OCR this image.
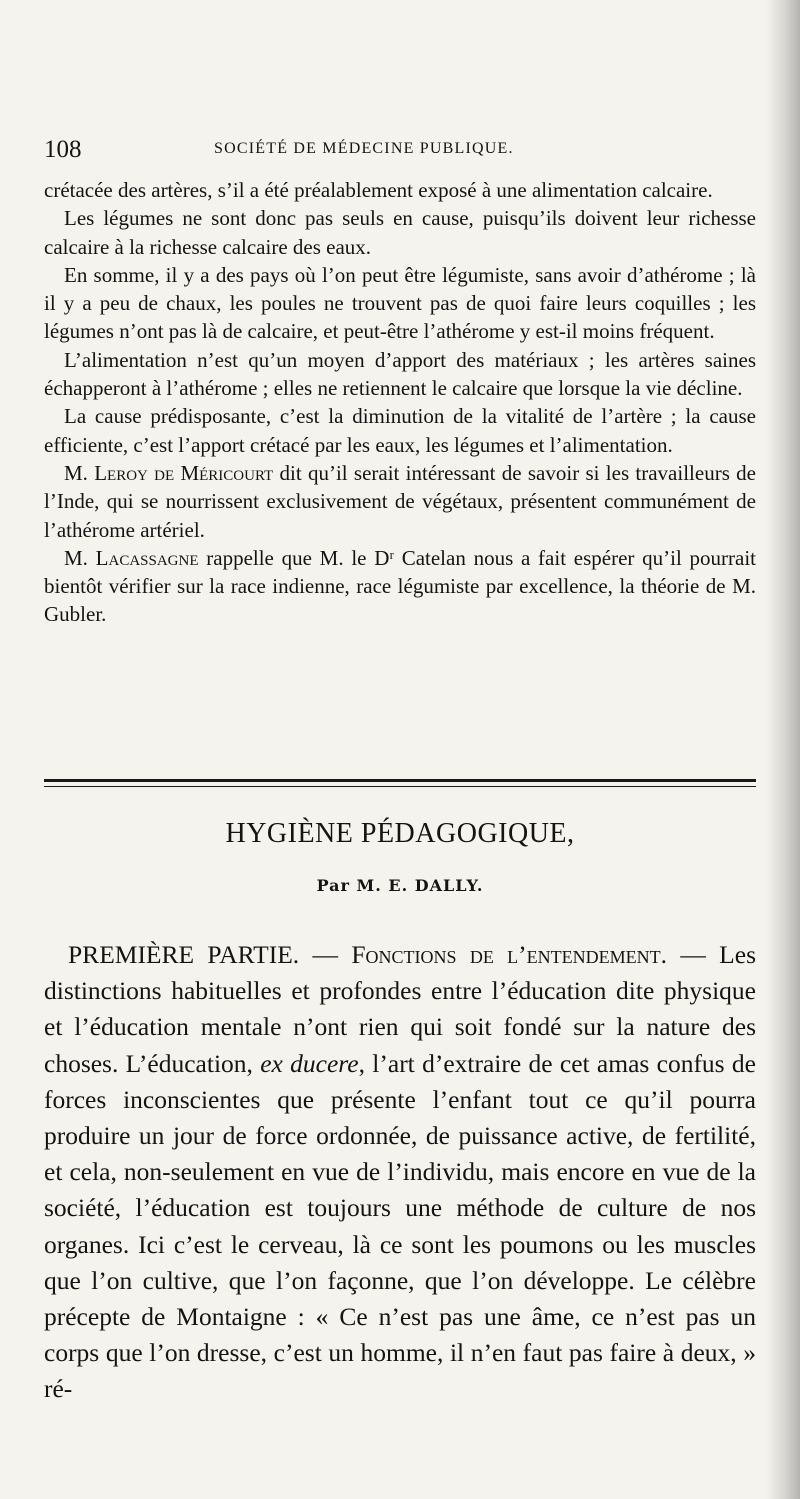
108	SOCIÉTÉ DE MÉDECINE PUBLIQUE.

crétacée des artères, s’il a été préalablement exposé à une alimentation calcaire.

Les légumes ne sont donc pas seuls en cause, puisqu’ils doivent leur richesse calcaire à la richesse calcaire des eaux.

En somme, il y a des pays où l’on peut être légumiste, sans avoir d’athérome ; là il y a peu de chaux, les poules ne trouvent pas de quoi faire leurs coquilles ; les légumes n’ont pas là de calcaire, et peut-être l’athérome y est-il moins fréquent.

L’alimentation n’est qu’un moyen d’apport des matériaux ; les artères saines échapperont à l’athérome ; elles ne retiennent le calcaire que lorsque la vie décline.

La cause prédisposante, c’est la diminution de la vitalité de l’artère ; la cause efficiente, c’est l’apport crétacé par les eaux, les légumes et l’alimentation.

M. Leroy de Méricourt dit qu’il serait intéressant de savoir si les travailleurs de l’Inde, qui se nourrissent exclusivement de végétaux, présentent communément de l’athérome artériel.

M. Lacassagne rappelle que M. le Dʳ Catelan nous a fait espérer qu’il pourrait bientôt vérifier sur la race indienne, race légumiste par excellence, la théorie de M. Gubler.

HYGIÈNE PÉDAGOGIQUE,
Par M. E. DALLY.

PREMIÈRE PARTIE. — Fonctions de l’entendement. — Les distinctions habituelles et profondes entre l’éducation dite physique et l’éducation mentale n’ont rien qui soit fondé sur la nature des choses. L’éducation, ex ducere, l’art d’extraire de cet amas confus de forces inconscientes que présente l’enfant tout ce qu’il pourra produire un jour de force ordonnée, de puissance active, de fertilité, et cela, non-seulement en vue de l’individu, mais encore en vue de la société, l’éducation est toujours une méthode de culture de nos organes. Ici c’est le cerveau, là ce sont les poumons ou les muscles que l’on cultive, que l’on façonne, que l’on développe. Le célèbre précepte de Montaigne : « Ce n’est pas une âme, ce n’est pas un corps que l’on dresse, c’est un homme, il n’en faut pas faire à deux, » ré-
